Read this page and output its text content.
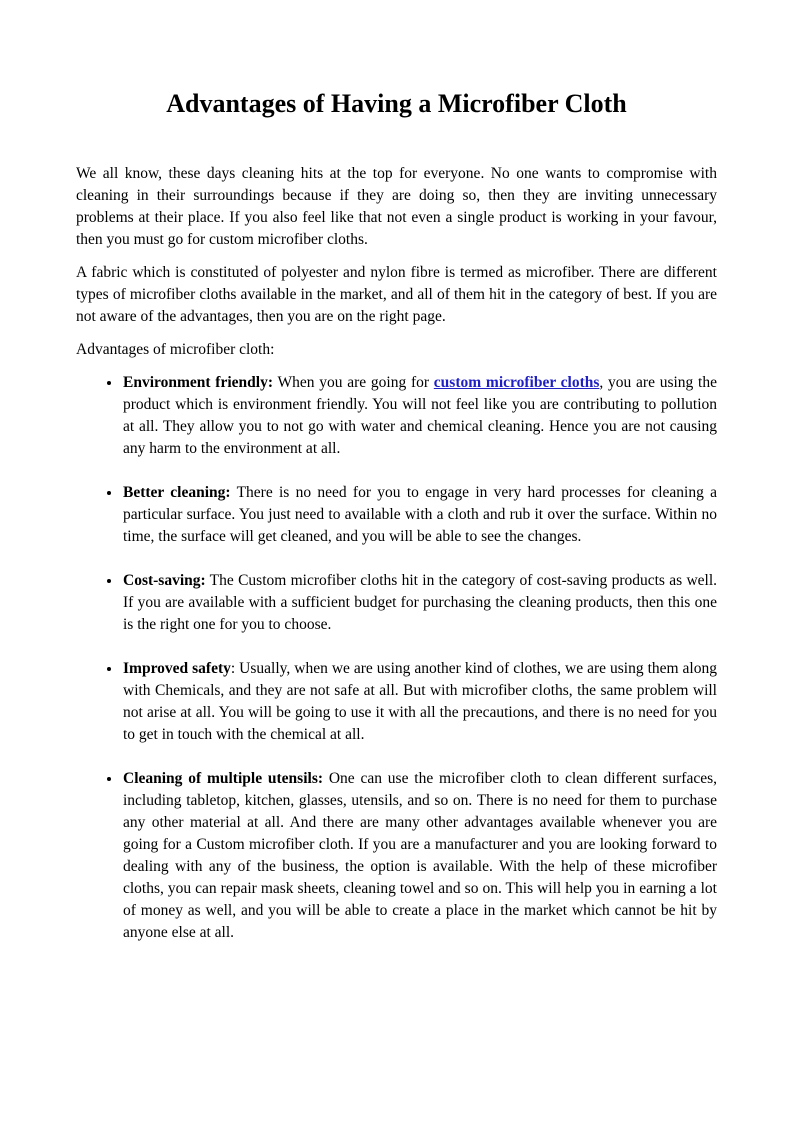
Advantages of Having a Microfiber Cloth

We all know, these days cleaning hits at the top for everyone. No one wants to compromise with cleaning in their surroundings because if they are doing so, then they are inviting unnecessary problems at their place. If you also feel like that not even a single product is working in your favour, then you must go for custom microfiber cloths.

A fabric which is constituted of polyester and nylon fibre is termed as microfiber. There are different types of microfiber cloths available in the market, and all of them hit in the category of best. If you are not aware of the advantages, then you are on the right page.

Advantages of microfiber cloth:

• Environment friendly: When you are going for custom microfiber cloths, you are using the product which is environment friendly. You will not feel like you are contributing to pollution at all. They allow you to not go with water and chemical cleaning. Hence you are not causing any harm to the environment at all.
• Better cleaning: There is no need for you to engage in very hard processes for cleaning a particular surface. You just need to available with a cloth and rub it over the surface. Within no time, the surface will get cleaned, and you will be able to see the changes.
• Cost-saving: The Custom microfiber cloths hit in the category of cost-saving products as well. If you are available with a sufficient budget for purchasing the cleaning products, then this one is the right one for you to choose.
• Improved safety: Usually, when we are using another kind of clothes, we are using them along with Chemicals, and they are not safe at all. But with microfiber cloths, the same problem will not arise at all. You will be going to use it with all the precautions, and there is no need for you to get in touch with the chemical at all.
• Cleaning of multiple utensils: One can use the microfiber cloth to clean different surfaces, including tabletop, kitchen, glasses, utensils, and so on. There is no need for them to purchase any other material at all. And there are many other advantages available whenever you are going for a Custom microfiber cloth. If you are a manufacturer and you are looking forward to dealing with any of the business, the option is available. With the help of these microfiber cloths, you can repair mask sheets, cleaning towel and so on. This will help you in earning a lot of money as well, and you will be able to create a place in the market which cannot be hit by anyone else at all.
